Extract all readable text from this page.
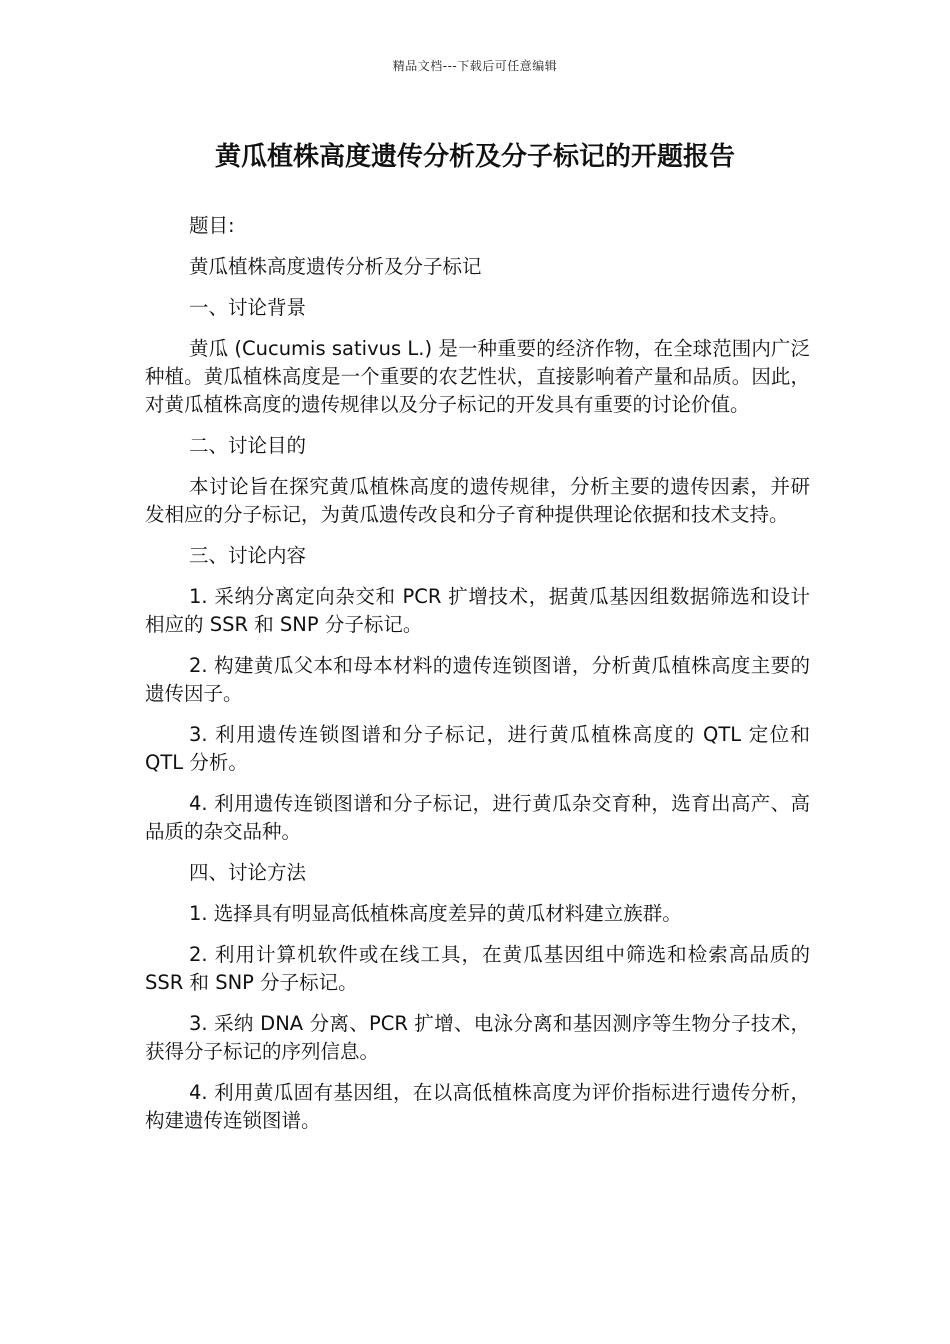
精品文档---下载后可任意编辑
黄瓜植株高度遗传分析及分子标记的开题报告

题目:

黄瓜植株高度遗传分析及分子标记

一、讨论背景

黄瓜 (Cucumis sativus L.) 是一种重要的经济作物，在全球范围内广泛种植。黄瓜植株高度是一个重要的农艺性状，直接影响着产量和品质。因此，对黄瓜植株高度的遗传规律以及分子标记的开发具有重要的讨论价值。

二、讨论目的

本讨论旨在探究黄瓜植株高度的遗传规律，分析主要的遗传因素，并研发相应的分子标记，为黄瓜遗传改良和分子育种提供理论依据和技术支持。

三、讨论内容

1. 采纳分离定向杂交和 PCR 扩增技术，据黄瓜基因组数据筛选和设计相应的 SSR 和 SNP 分子标记。

2. 构建黄瓜父本和母本材料的遗传连锁图谱，分析黄瓜植株高度主要的遗传因子。

3. 利用遗传连锁图谱和分子标记，进行黄瓜植株高度的 QTL 定位和 QTL 分析。

4. 利用遗传连锁图谱和分子标记，进行黄瓜杂交育种，选育出高产、高品质的杂交品种。

四、讨论方法

1. 选择具有明显高低植株高度差异的黄瓜材料建立族群。

2. 利用计算机软件或在线工具，在黄瓜基因组中筛选和检索高品质的 SSR 和 SNP 分子标记。

3. 采纳 DNA 分离、PCR 扩增、电泳分离和基因测序等生物分子技术，获得分子标记的序列信息。

4. 利用黄瓜固有基因组，在以高低植株高度为评价指标进行遗传分析，构建遗传连锁图谱。
